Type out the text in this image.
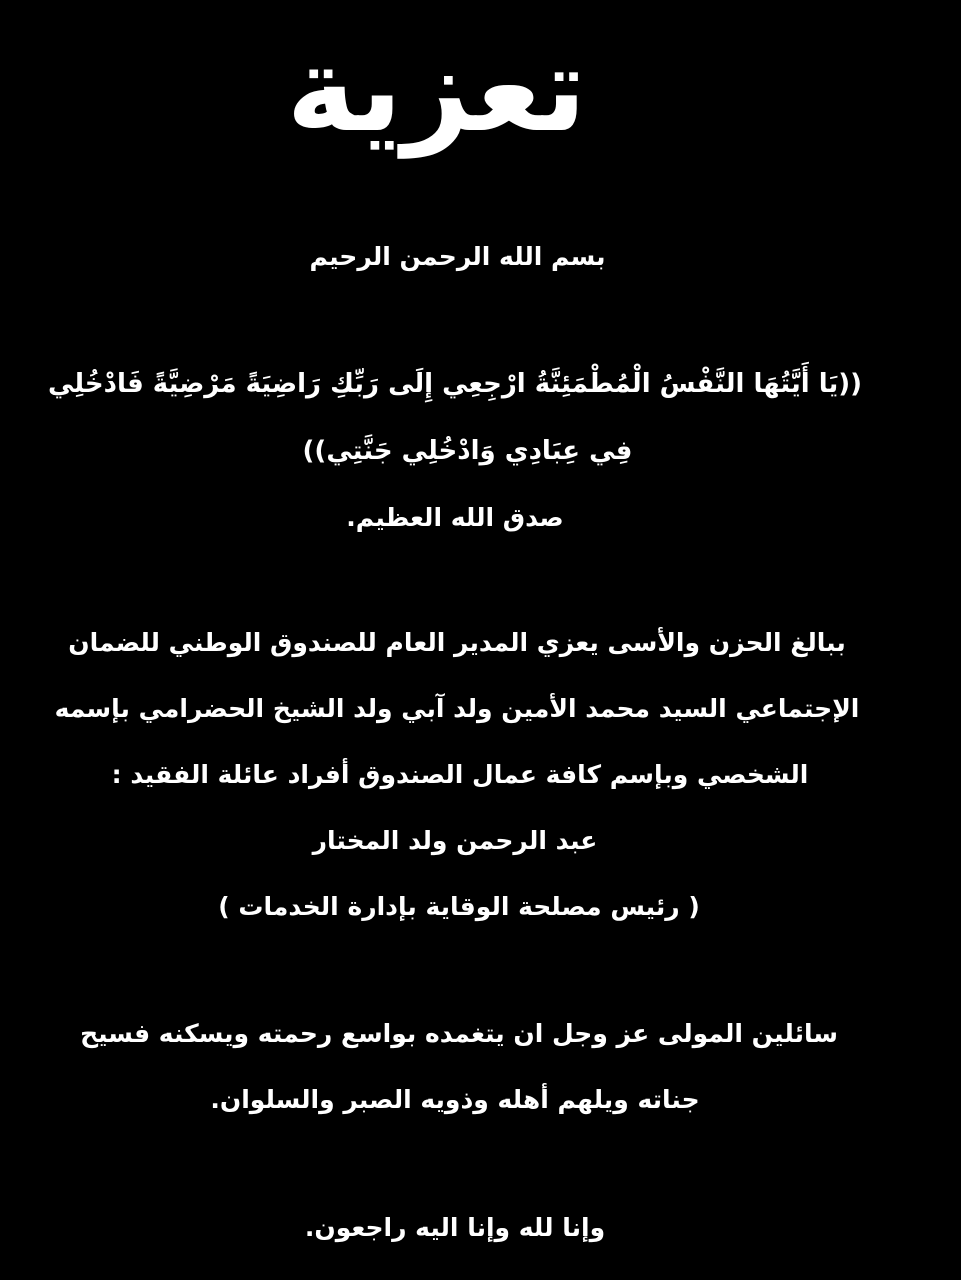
تعزية
بسم الله الرحمن الرحيم
((يَا أَيَّتُهَا النَّفْسُ الْمُطْمَئِنَّةُ ارْجِعِي إِلَى رَبِّكِ رَاضِيَةً مَرْضِيَّةً فَادْخُلِي
فِي عِبَادِي وَادْخُلِي جَنَّتِي))
صدق الله العظيم.
ببالغ الحزن والأسى يعزي المدير العام للصندوق الوطني للضمان
الإجتماعي السيد محمد الأمين ولد آبي ولد الشيخ الحضرامي بإسمه
الشخصي وبإسم كافة عمال الصندوق أفراد عائلة الفقيد :
عبد الرحمن ولد المختار
( رئيس مصلحة الوقاية بإدارة الخدمات )
سائلين المولى عز وجل ان يتغمده بواسع رحمته ويسكنه فسيح
جناته ويلهم أهله وذويه الصبر والسلوان.
وإنا لله وإنا اليه راجعون.
